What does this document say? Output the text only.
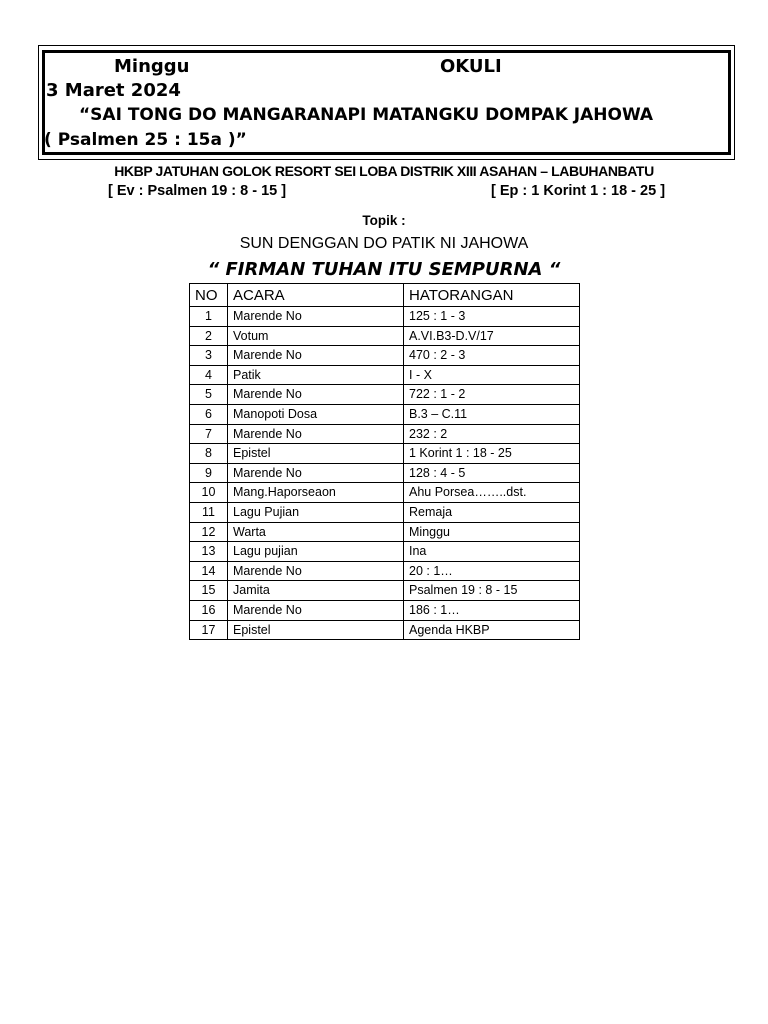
Minggu	OKULI
3 Maret 2024
“SAI TONG DO MANGARANAPI MATANGKU DOMPAK JAHOWA
( Psalmen 25 : 15a )”
HKBP JATUHAN GOLOK RESORT SEI LOBA DISTRIK XIII ASAHAN – LABUHANBATU
[ Ev : Psalmen 19 : 8 - 15 ]	[ Ep : 1 Korint 1 : 18 - 25 ]
Topik :
SUN DENGGAN DO PATIK NI JAHOWA
“ FIRMAN TUHAN ITU SEMPURNA “
NO	ACARA	HATORANGAN
1	Marende No	125 : 1 - 3
2	Votum	A.VI.B3-D.V/17
3	Marende No	470 : 2 - 3
4	Patik	I - X
5	Marende No	722 : 1 - 2
6	Manopoti Dosa	B.3 – C.11
7	Marende No	232 : 2
8	Epistel	1 Korint 1 : 18 - 25
9	Marende No	128 : 4 - 5
10	Mang.Haporseaon	Ahu Porsea……..dst.
11	Lagu Pujian	Remaja
12	Warta	Minggu
13	Lagu pujian	Ina
14	Marende No	20 : 1…
15	Jamita	Psalmen 19 : 8 - 15
16	Marende No	186 : 1…
17	Epistel	Agenda HKBP
